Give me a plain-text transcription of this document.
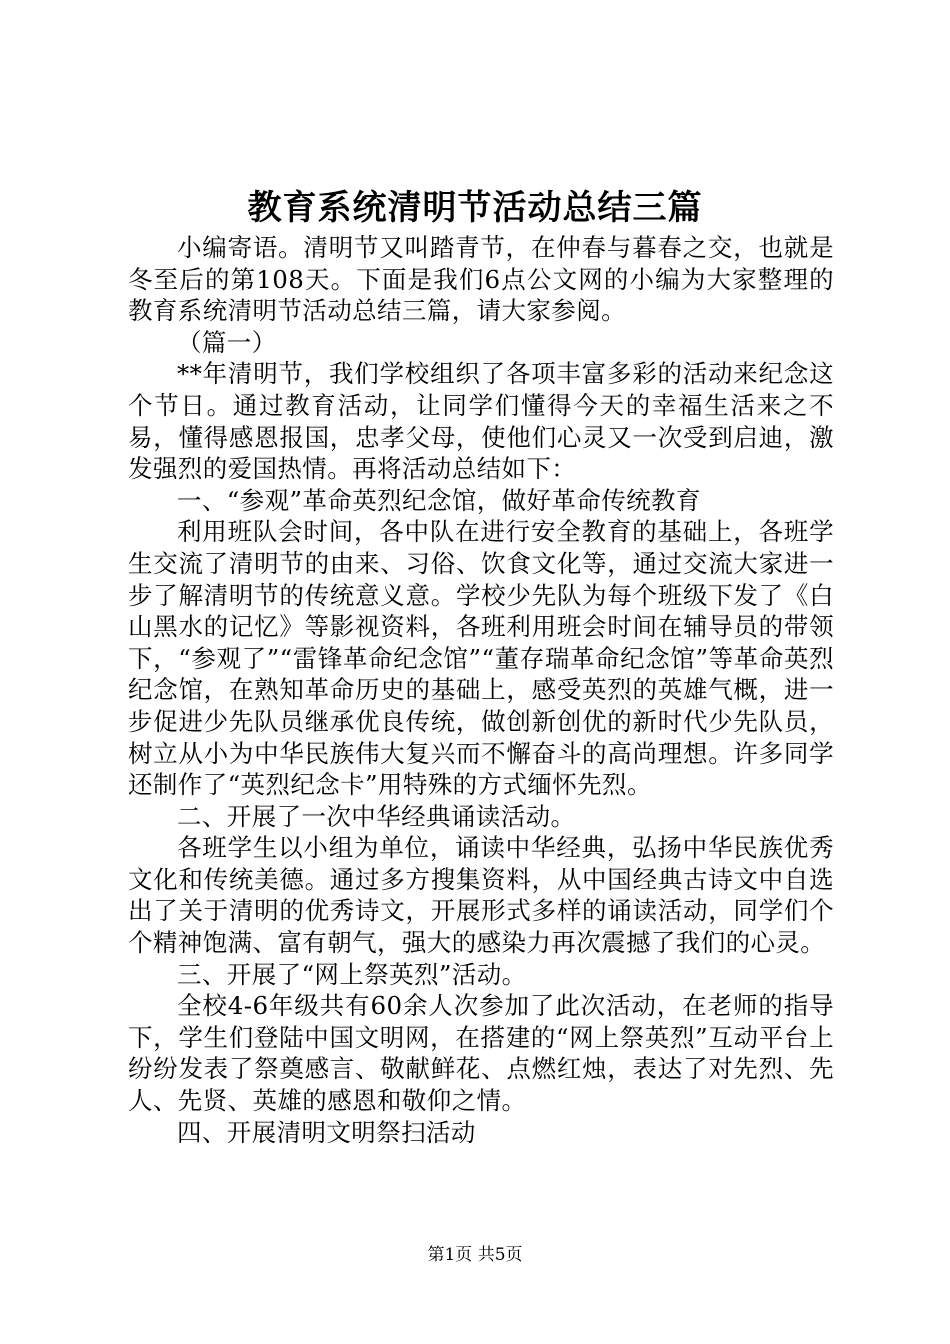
教育系统清明节活动总结三篇

小编寄语。清明节又叫踏青节，在仲春与暮春之交，也就是冬至后的第108天。下面是我们6点公文网的小编为大家整理的教育系统清明节活动总结三篇，请大家参阅。

（篇一）

**年清明节，我们学校组织了各项丰富多彩的活动来纪念这个节日。通过教育活动，让同学们懂得今天的幸福生活来之不易，懂得感恩报国，忠孝父母，使他们心灵又一次受到启迪，激发强烈的爱国热情。再将活动总结如下：

一、“参观”革命英烈纪念馆，做好革命传统教育

利用班队会时间，各中队在进行安全教育的基础上，各班学生交流了清明节的由来、习俗、饮食文化等，通过交流大家进一步了解清明节的传统意义意。学校少先队为每个班级下发了《白山黑水的记忆》等影视资料，各班利用班会时间在辅导员的带领下，“参观了”“雷锋革命纪念馆”“董存瑞革命纪念馆”等革命英烈纪念馆，在熟知革命历史的基础上，感受英烈的英雄气概，进一步促进少先队员继承优良传统，做创新创优的新时代少先队员，树立从小为中华民族伟大复兴而不懈奋斗的高尚理想。许多同学还制作了“英烈纪念卡”用特殊的方式缅怀先烈。

二、开展了一次中华经典诵读活动。

各班学生以小组为单位，诵读中华经典，弘扬中华民族优秀文化和传统美德。通过多方搜集资料，从中国经典古诗文中自选出了关于清明的优秀诗文，开展形式多样的诵读活动，同学们个个精神饱满、富有朝气，强大的感染力再次震撼了我们的心灵。

三、开展了“网上祭英烈”活动。

全校4-6年级共有60余人次参加了此次活动，在老师的指导下，学生们登陆中国文明网，在搭建的“网上祭英烈”互动平台上纷纷发表了祭奠感言、敬献鲜花、点燃红烛，表达了对先烈、先人、先贤、英雄的感恩和敬仰之情。

四、开展清明文明祭扫活动

第1页 共5页
